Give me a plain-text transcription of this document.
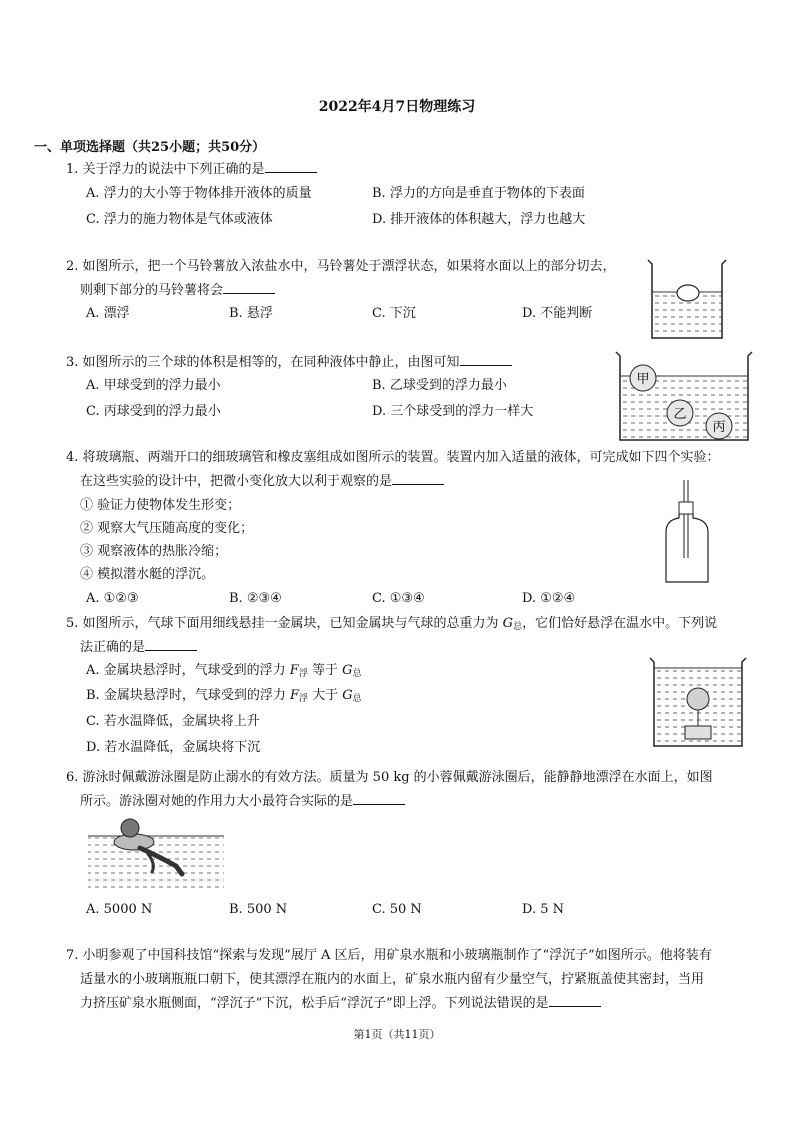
2022年4月7日物理练习
一、单项选择题（共25小题；共50分）
1. 关于浮力的说法中下列正确的是
A. 浮力的大小等于物体排开液体的质量	B. 浮力的方向是垂直于物体的下表面
C. 浮力的施力物体是气体或液体	D. 排开液体的体积越大，浮力也越大
2. 如图所示，把一个马铃薯放入浓盐水中，马铃薯处于漂浮状态，如果将水面以上的部分切去，
则剩下部分的马铃薯将会
A. 漂浮	B. 悬浮	C. 下沉	D. 不能判断
3. 如图所示的三个球的体积是相等的，在同种液体中静止，由图可知
A. 甲球受到的浮力最小	B. 乙球受到的浮力最小
C. 丙球受到的浮力最小	D. 三个球受到的浮力一样大
甲
乙
丙
4. 将玻璃瓶、两端开口的细玻璃管和橡皮塞组成如图所示的装置。装置内加入适量的液体，可完成如下四个实验：
在这些实验的设计中，把微小变化放大以利于观察的是
① 验证力使物体发生形变；
② 观察大气压随高度的变化；
③ 观察液体的热胀冷缩；
④ 模拟潜水艇的浮沉。
A. ①②③	B. ②③④	C. ①③④	D. ①②④
5. 如图所示，气球下面用细线悬挂一金属块，已知金属块与气球的总重力为 $G_总$，它们恰好悬浮在温水中。下列说
法正确的是
A. 金属块悬浮时，气球受到的浮力 $F_浮$ 等于 $G_总$
B. 金属块悬浮时，气球受到的浮力 $F_浮$ 大于 $G_总$
C. 若水温降低，金属块将上升
D. 若水温降低，金属块将下沉
6. 游泳时佩戴游泳圈是防止溺水的有效方法。质量为 50 kg 的小蓉佩戴游泳圈后，能静静地漂浮在水面上，如图
所示。游泳圈对她的作用力大小最符合实际的是
A. 5000 N	B. 500 N	C. 50 N	D. 5 N
7. 小明参观了中国科技馆“探索与发现”展厅 A 区后，用矿泉水瓶和小玻璃瓶制作了“浮沉子”如图所示。他将装有
适量水的小玻璃瓶瓶口朝下，使其漂浮在瓶内的水面上，矿泉水瓶内留有少量空气，拧紧瓶盖使其密封，当用
力挤压矿泉水瓶侧面，“浮沉子”下沉，松手后“浮沉子”即上浮。下列说法错误的是
第1页（共11页）
